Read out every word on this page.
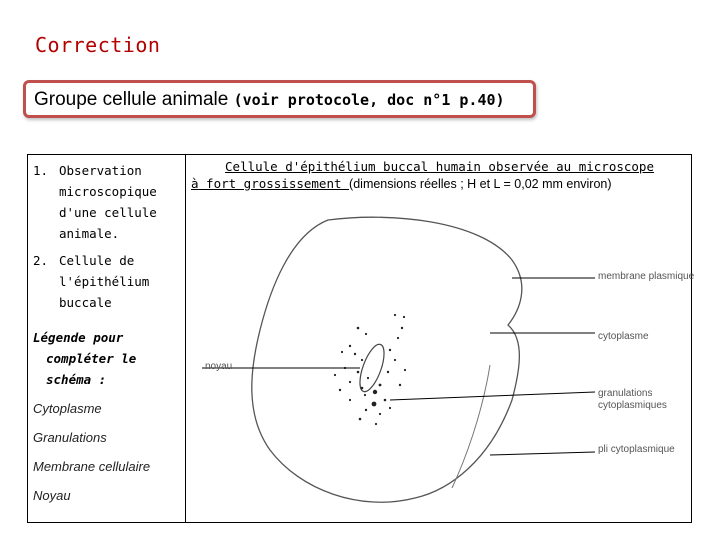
Correction
Groupe cellule animale (voir protocole, doc n°1 p.40)
1. Observation microscopique d'une cellule animale.
2. Cellule de l'épithélium buccale
Légende pour compléter le schéma :
Cytoplasme
Granulations
Membrane cellulaire
Noyau
Cellule d'épithélium buccal humain observée au microscope
à fort grossissement (dimensions réelles ; H et L = 0,02 mm environ)
membrane plasmique
cytoplasme
noyau
granulations cytoplasmiques
pli cytoplasmique
